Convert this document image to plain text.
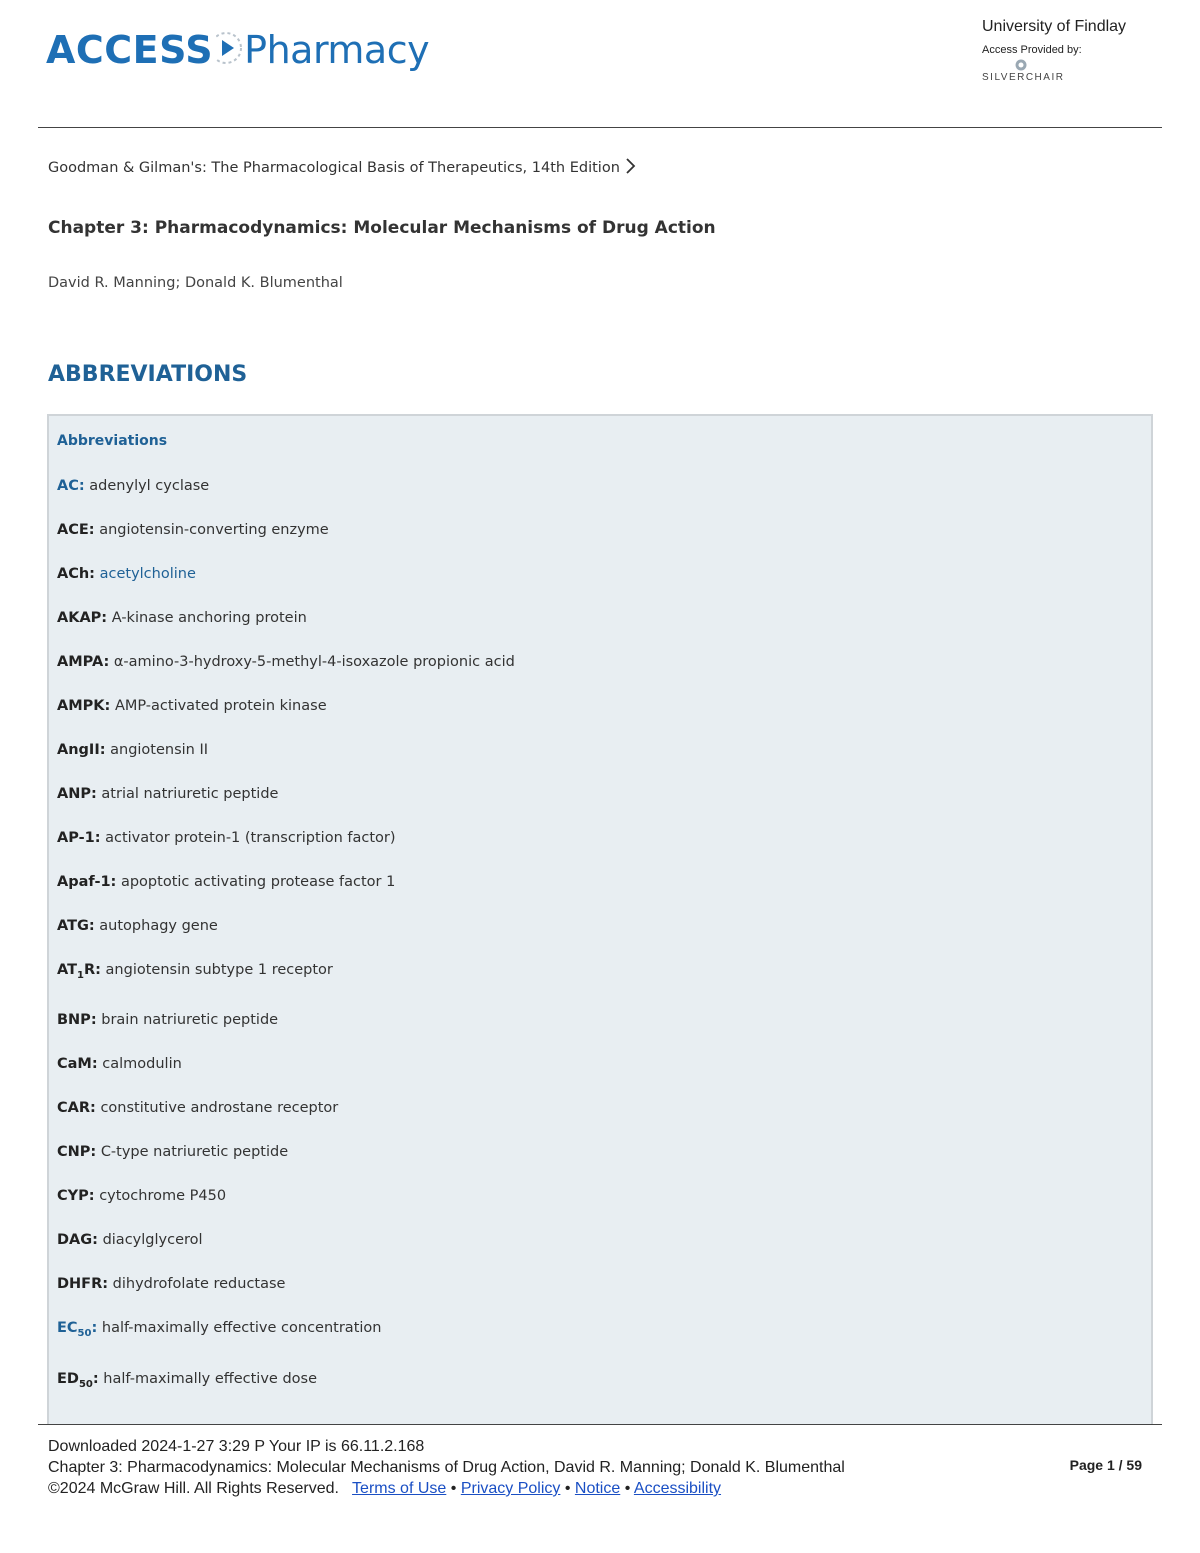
ACCESS Pharmacy
University of Findlay
Access Provided by:
SILVERCHAIR
Goodman & Gilman's: The Pharmacological Basis of Therapeutics, 14th Edition
Chapter 3: Pharmacodynamics: Molecular Mechanisms of Drug Action
David R. Manning; Donald K. Blumenthal
ABBREVIATIONS
Abbreviations
AC: adenylyl cyclase
ACE: angiotensin-converting enzyme
ACh: acetylcholine
AKAP: A-kinase anchoring protein
AMPA: α-amino-3-hydroxy-5-methyl-4-isoxazole propionic acid
AMPK: AMP-activated protein kinase
AngII: angiotensin II
ANP: atrial natriuretic peptide
AP-1: activator protein-1 (transcription factor)
Apaf-1: apoptotic activating protease factor 1
ATG: autophagy gene
$AT_1R$: angiotensin subtype 1 receptor
BNP: brain natriuretic peptide
CaM: calmodulin
CAR: constitutive androstane receptor
CNP: C-type natriuretic peptide
CYP: cytochrome P450
DAG: diacylglycerol
DHFR: dihydrofolate reductase
$EC_{50}$: half-maximally effective concentration
$ED_{50}$: half-maximally effective dose
Downloaded 2024-1-27 3:29 P Your IP is 66.11.2.168
Chapter 3: Pharmacodynamics: Molecular Mechanisms of Drug Action, David R. Manning; Donald K. Blumenthal
©2024 McGraw Hill. All Rights Reserved. Terms of Use • Privacy Policy • Notice • Accessibility
Page 1 / 59
